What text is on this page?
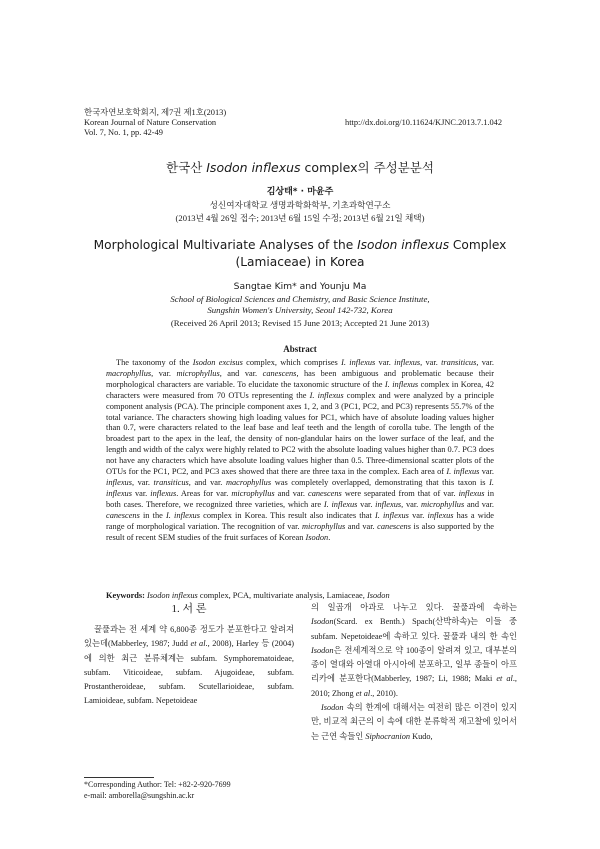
한국자연보호학회지, 제7권 제1호(2013)
Korean Journal of Nature Conservation
Vol. 7, No. 1, pp. 42-49
http://dx.doi.org/10.11624/KJNC.2013.7.1.042
한국산 Isodon inflexus complex의 주성분분석
김상태* · 마윤주
성신여자대학교 생명과학화학부, 기초과학연구소
(2013년 4월 26일 접수; 2013년 6월 15일 수정; 2013년 6월 21일 채택)
Morphological Multivariate Analyses of the Isodon inflexus Complex
(Lamiaceae) in Korea
Sangtae Kim* and Younju Ma
School of Biological Sciences and Chemistry, and Basic Science Institute,
Sungshin Women's University, Seoul 142-732, Korea
(Received 26 April 2013; Revised 15 June 2013; Accepted 21 June 2013)
Abstract
The taxonomy of the Isodon excisus complex, which comprises I. inflexus var. inflexus, var. transiticus, var. macrophyllus, var. microphyllus, and var. canescens, has been ambiguous and problematic because their morphological characters are variable. To elucidate the taxonomic structure of the I. inflexus complex in Korea, 42 characters were measured from 70 OTUs representing the I. inflexus complex and were analyzed by a principle component analysis (PCA). The principle component axes 1, 2, and 3 (PC1, PC2, and PC3) represents 55.7% of the total variance. The characters showing high loading values for PC1, which have of absolute loading values higher than 0.7, were characters related to the leaf base and leaf teeth and the length of corolla tube. The length of the broadest part to the apex in the leaf, the density of non-glandular hairs on the lower surface of the leaf, and the length and width of the calyx were highly related to PC2 with the absolute loading values higher than 0.7. PC3 does not have any characters which have absolute loading values higher than 0.5. Three-dimensional scatter plots of the OTUs for the PC1, PC2, and PC3 axes showed that there are three taxa in the complex. Each area of I. inflexus var. inflexus, var. transiticus, and var. macrophyllus was completely overlapped, demonstrating that this taxon is I. inflexus var. inflexus. Areas for var. microphyllus and var. canescens were separated from that of var. inflexus in both cases. Therefore, we recognized three varieties, which are I. inflexus var. inflexus, var. microphyllus and var. canescens in the I. inflexus complex in Korea. This result also indicates that I. inflexus var. inflexus has a wide range of morphological variation. The recognition of var. microphyllus and var. canescens is also supported by the result of recent SEM studies of the fruit surfaces of Korean Isodon.
Keywords: Isodon inflexus complex, PCA, multivariate analysis, Lamiaceae, Isodon
1. 서 론
꿀풀과는 전 세계 약 6,800종 정도가 분포한다고 알려져 있는데(Mabberley, 1987; Judd et al., 2008), Harley 등 (2004)에 의한 최근 분류체계는 subfam. Symphorematoideae, subfam. Viticoideae, subfam. Ajugoideae, subfam. Prostantheroideae, subfam. Scutellarioideae, subfam. Lamioideae, subfam. Nepetoideae

의 일곱개 아과로 나누고 있다. 꿀풀과에 속하는 Isodon(Scard. ex Benth.) Spach(산박하속)는 이들 중 subfam. Nepetoideae에 속하고 있다. 꿀풀과 내의 한 속인 Isodon은 전세계적으로 약 100종이 알려져 있고, 대부분의 종이 열대와 아열대 아시아에 분포하고, 일부 종들이 아프리카에 분포한다(Mabberley, 1987; Li, 1988; Maki et al., 2010; Zhong et al., 2010).

Isodon 속의 한계에 대해서는 여전히 많은 이견이 있지만, 비교적 최근의 이 속에 대한 분류학적 재고찰에 있어서는 근연 속들인 Siphocranion Kudo,

*Corresponding Author: Tel: +82-2-920-7699
e-mail: amborella@sungshin.ac.kr
